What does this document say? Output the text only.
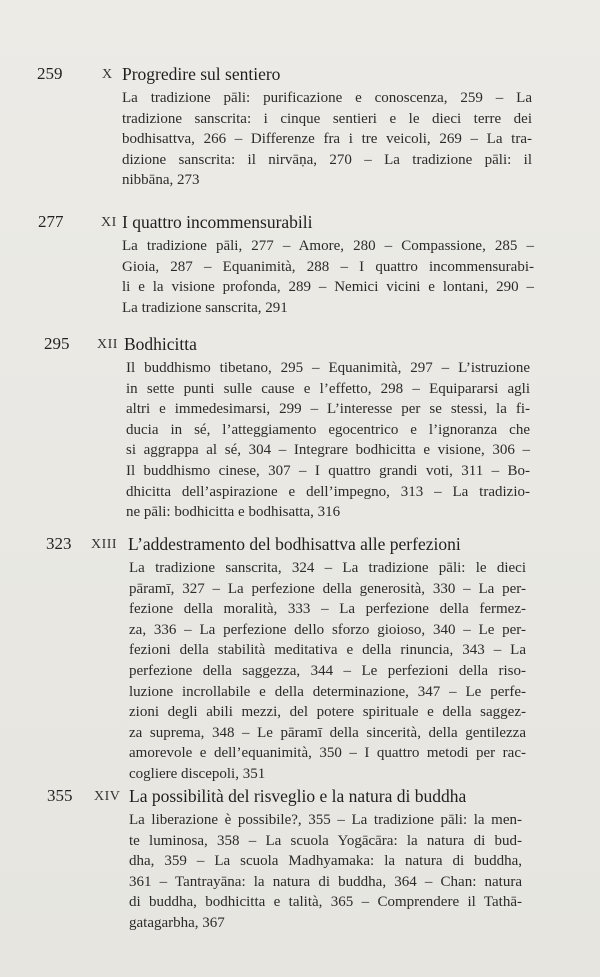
259	X Progredire sul sentiero
La tradizione pāli: purificazione e conoscenza, 259 – La
tradizione sanscrita: i cinque sentieri e le dieci terre dei
bodhisattva, 266 – Differenze fra i tre veicoli, 269 – La tra-
dizione sanscrita: il nirvāṇa, 270 – La tradizione pāli: il
nibbāna, 273
277	XI I quattro incommensurabili
La tradizione pāli, 277 – Amore, 280 – Compassione, 285 –
Gioia, 287 – Equanimità, 288 – I quattro incommensurabi-
li e la visione profonda, 289 – Nemici vicini e lontani, 290 –
La tradizione sanscrita, 291
295 XII Bodhicitta
Il buddhismo tibetano, 295 – Equanimità, 297 – L’istruzione
in sette punti sulle cause e l’effetto, 298 – Equipararsi agli
altri e immedesimarsi, 299 – L’interesse per se stessi, la fi-
ducia in sé, l’atteggiamento egocentrico e l’ignoranza che
si aggrappa al sé, 304 – Integrare bodhicitta e visione, 306 –
Il buddhismo cinese, 307 – I quattro grandi voti, 311 – Bo-
dhicitta dell’aspirazione e dell’impegno, 313 – La tradizio-
ne pāli: bodhicitta e bodhisatta, 316
323 XIII L’addestramento del bodhisattva alle perfezioni
La tradizione sanscrita, 324 – La tradizione pāli: le dieci
pāramī, 327 – La perfezione della generosità, 330 – La per-
fezione della moralità, 333 – La perfezione della fermez-
za, 336 – La perfezione dello sforzo gioioso, 340 – Le per-
fezioni della stabilità meditativa e della rinuncia, 343 – La
perfezione della saggezza, 344 – Le perfezioni della riso-
luzione incrollabile e della determinazione, 347 – Le perfe-
zioni degli abili mezzi, del potere spirituale e della saggez-
za suprema, 348 – Le pāramī della sincerità, della gentilezza
amorevole e dell’equanimità, 350 – I quattro metodi per rac-
cogliere discepoli, 351
355 XIV La possibilità del risveglio e la natura di buddha
La liberazione è possibile?, 355 – La tradizione pāli: la men-
te luminosa, 358 – La scuola Yogācāra: la natura di bud-
dha, 359 – La scuola Madhyamaka: la natura di buddha,
361 – Tantrayāna: la natura di buddha, 364 – Chan: natura
di buddha, bodhicitta e talità, 365 – Comprendere il Tathā-
gatagarbha, 367
